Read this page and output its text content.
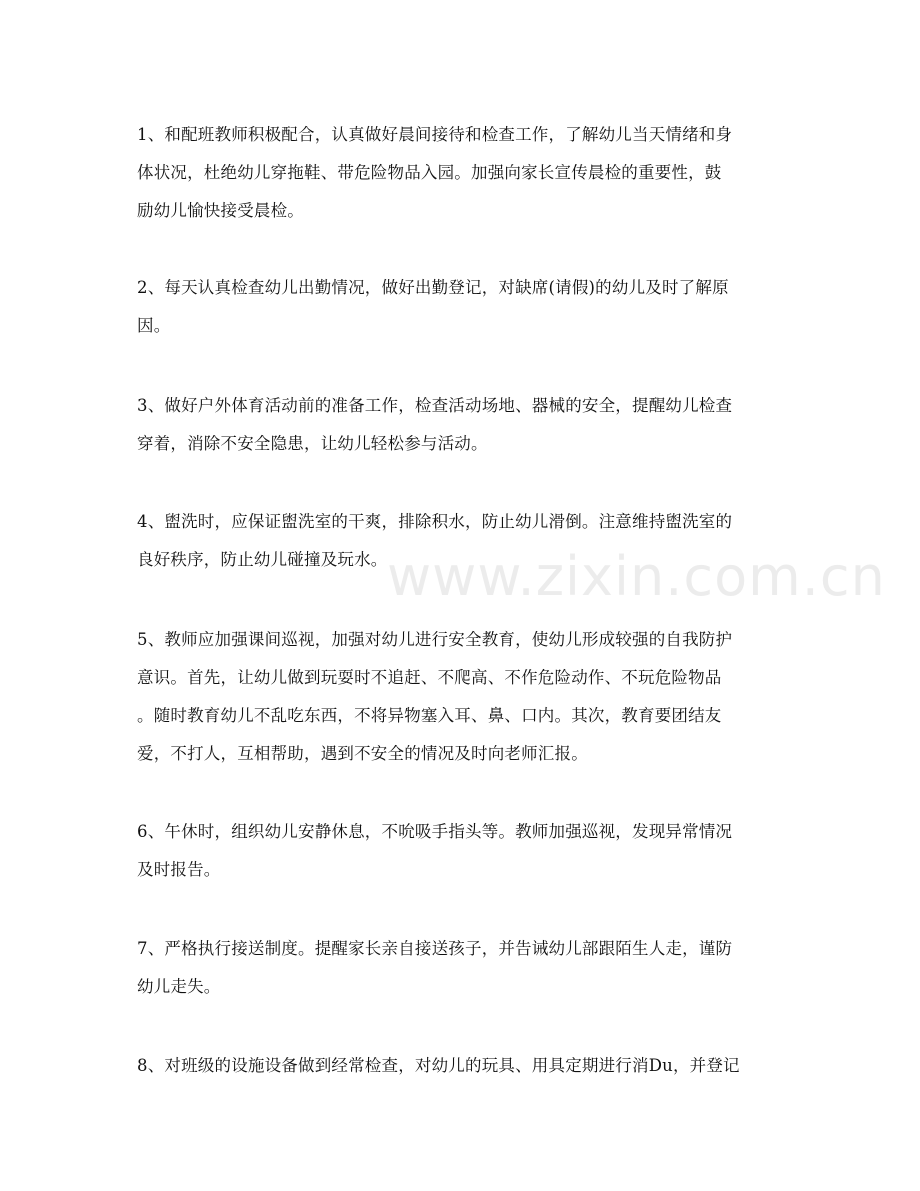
1、和配班教师积极配合，认真做好晨间接待和检查工作，了解幼儿当天情绪和身
体状况，杜绝幼儿穿拖鞋、带危险物品入园。加强向家长宣传晨检的重要性，鼓
励幼儿愉快接受晨检。
2、每天认真检查幼儿出勤情况，做好出勤登记，对缺席(请假)的幼儿及时了解原
因。
3、做好户外体育活动前的准备工作，检查活动场地、器械的安全，提醒幼儿检查
穿着，消除不安全隐患，让幼儿轻松参与活动。
4、盥洗时，应保证盥洗室的干爽，排除积水，防止幼儿滑倒。注意维持盥洗室的
良好秩序，防止幼儿碰撞及玩水。
5、教师应加强课间巡视，加强对幼儿进行安全教育，使幼儿形成较强的自我防护
意识。首先，让幼儿做到玩耍时不追赶、不爬高、不作危险动作、不玩危险物品
。随时教育幼儿不乱吃东西，不将异物塞入耳、鼻、口内。其次，教育要团结友
爱，不打人，互相帮助，遇到不安全的情况及时向老师汇报。
6、午休时，组织幼儿安静休息，不吮吸手指头等。教师加强巡视，发现异常情况
及时报告。
7、严格执行接送制度。提醒家长亲自接送孩子，并告诫幼儿部跟陌生人走，谨防
幼儿走失。
8、对班级的设施设备做到经常检查，对幼儿的玩具、用具定期进行消Du，并登记
www.zixin.com.cn
